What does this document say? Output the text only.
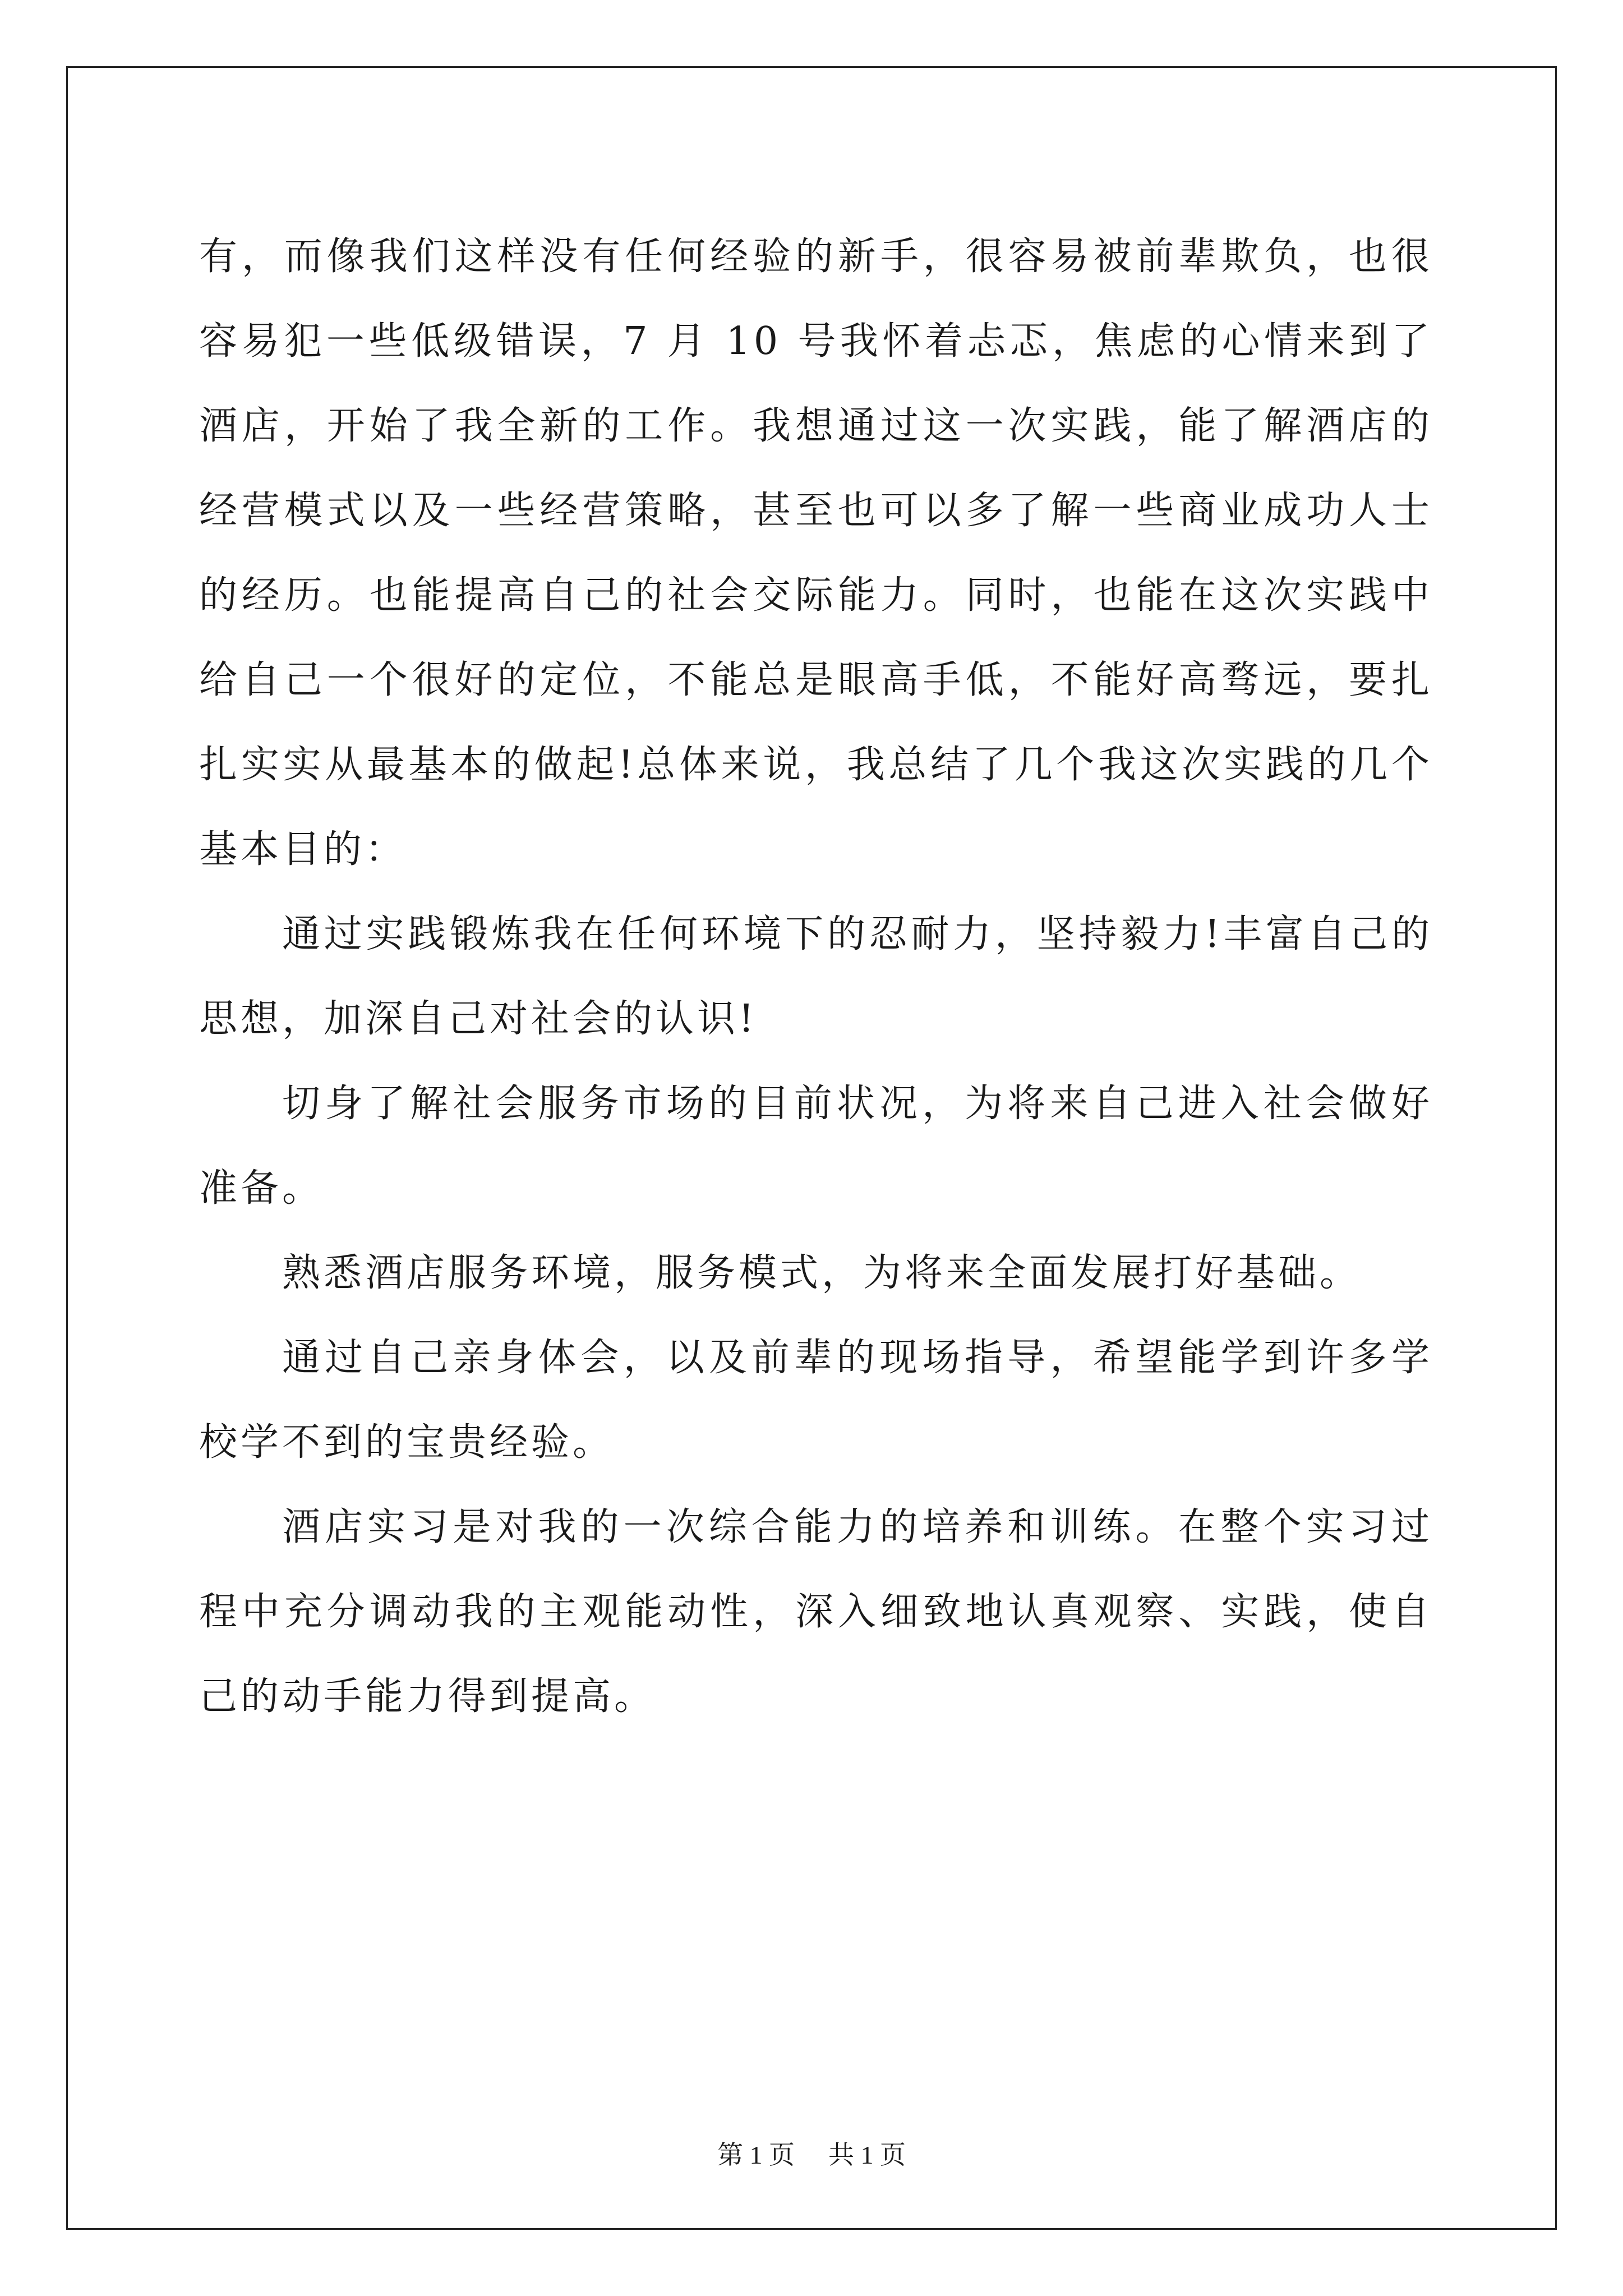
有，而像我们这样没有任何经验的新手，很容易被前辈欺负，也很容易犯一些低级错误，7 月 10 号我怀着忐忑，焦虑的心情来到了酒店，开始了我全新的工作。我想通过这一次实践，能了解酒店的经营模式以及一些经营策略，甚至也可以多了解一些商业成功人士的经历。也能提高自己的社会交际能力。同时，也能在这次实践中给自己一个很好的定位，不能总是眼高手低，不能好高骛远，要扎扎实实从最基本的做起!总体来说，我总结了几个我这次实践的几个基本目的：

通过实践锻炼我在任何环境下的忍耐力，坚持毅力!丰富自己的思想，加深自己对社会的认识!

切身了解社会服务市场的目前状况，为将来自己进入社会做好准备。

熟悉酒店服务环境，服务模式，为将来全面发展打好基础。

通过自己亲身体会，以及前辈的现场指导，希望能学到许多学校学不到的宝贵经验。

酒店实习是对我的一次综合能力的培养和训练。在整个实习过程中充分调动我的主观能动性，深入细致地认真观察、实践，使自己的动手能力得到提高。

第 1 页 共 1 页
